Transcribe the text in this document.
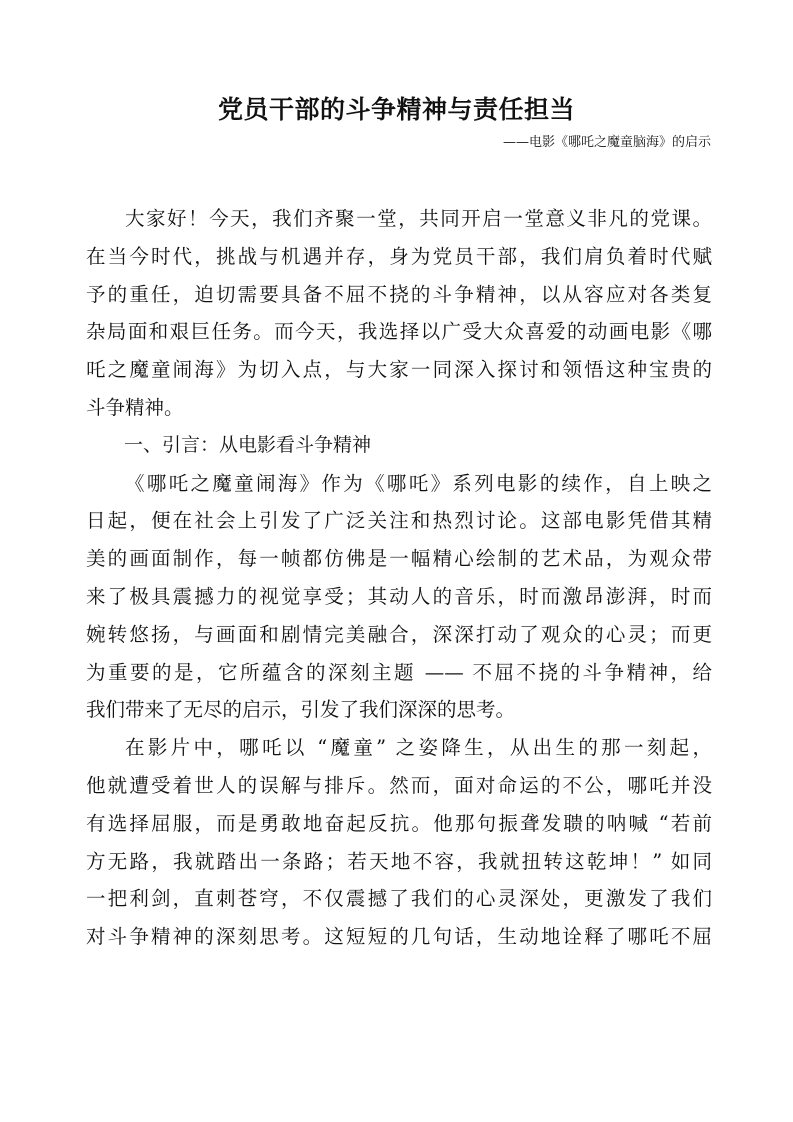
党员干部的斗争精神与责任担当
——电影《哪吒之魔童脑海》的启示

大家好！今天，我们齐聚一堂，共同开启一堂意义非凡的党课。
在当今时代，挑战与机遇并存，身为党员干部，我们肩负着时代赋
予的重任，迫切需要具备不屈不挠的斗争精神，以从容应对各类复
杂局面和艰巨任务。而今天，我选择以广受大众喜爱的动画电影《哪
吒之魔童闹海》为切入点，与大家一同深入探讨和领悟这种宝贵的
斗争精神。

一、引言：从电影看斗争精神

《哪吒之魔童闹海》作为《哪吒》系列电影的续作，自上映之
日起，便在社会上引发了广泛关注和热烈讨论。这部电影凭借其精
美的画面制作，每一帧都仿佛是一幅精心绘制的艺术品，为观众带
来了极具震撼力的视觉享受；其动人的音乐，时而激昂澎湃，时而
婉转悠扬，与画面和剧情完美融合，深深打动了观众的心灵；而更
为重要的是，它所蕴含的深刻主题 —— 不屈不挠的斗争精神，给
我们带来了无尽的启示，引发了我们深深的思考。

在影片中，哪吒以 “魔童” 之姿降生，从出生的那一刻起，
他就遭受着世人的误解与排斥。然而，面对命运的不公，哪吒并没
有选择屈服，而是勇敢地奋起反抗。他那句振聋发聩的呐喊 “若前
方无路，我就踏出一条路；若天地不容，我就扭转这乾坤！” 如同
一把利剑，直刺苍穹，不仅震撼了我们的心灵深处，更激发了我们
对斗争精神的深刻思考。这短短的几句话，生动地诠释了哪吒不屈
